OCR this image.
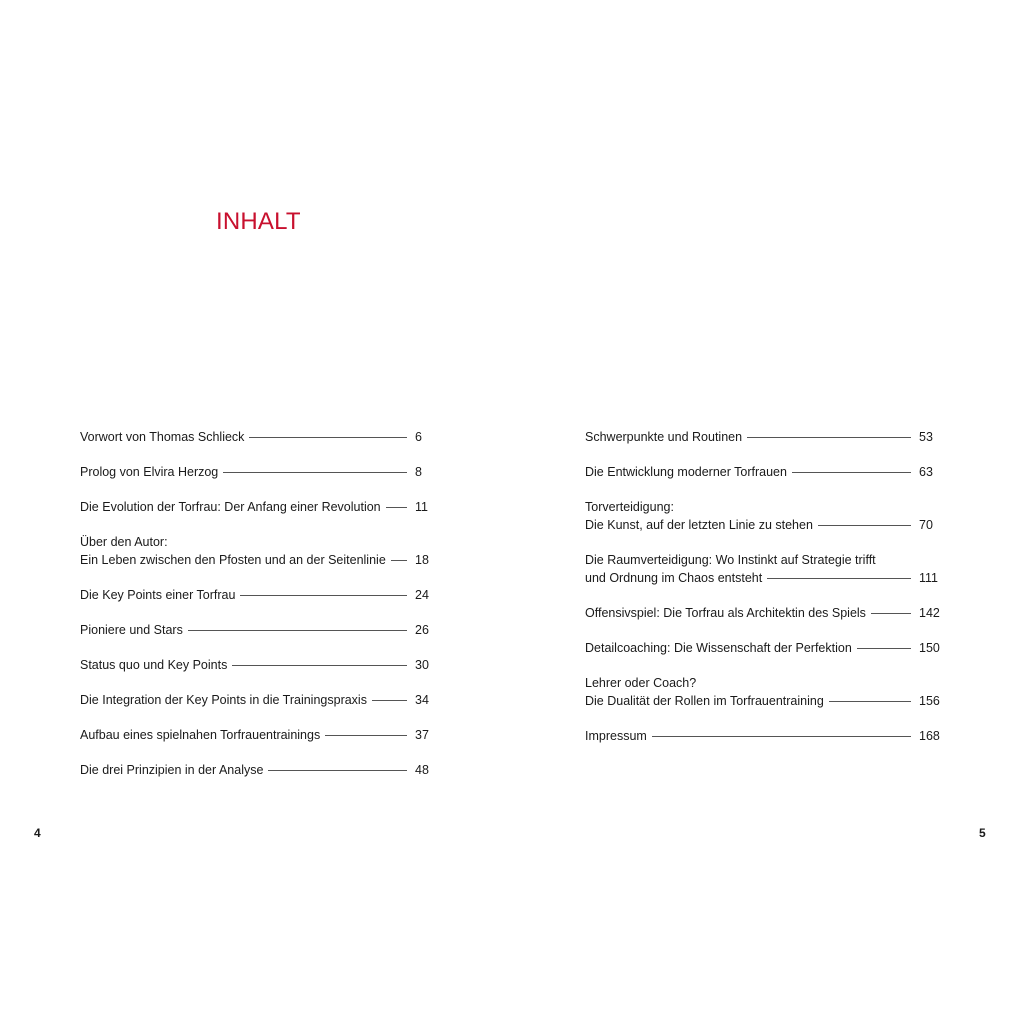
INHALT
Vorwort von Thomas Schlieck	6
Prolog von Elvira Herzog	8
Die Evolution der Torfrau: Der Anfang einer Revolution	11
Über den Autor:
Ein Leben zwischen den Pfosten und an der Seitenlinie 18
Die Key Points einer Torfrau	24
Pioniere und Stars	26
Status quo und Key Points	30
Die Integration der Key Points in die Trainingspraxis	34
Aufbau eines spielnahen Torfrauentrainings	37
Die drei Prinzipien in der Analyse	48
Schwerpunkte und Routinen	53
Die Entwicklung moderner Torfrauen	63
Torverteidigung:
Die Kunst, auf der letzten Linie zu stehen	70
Die Raumverteidigung: Wo Instinkt auf Strategie trifft
und Ordnung im Chaos entsteht	111
Offensivspiel: Die Torfrau als Architektin des Spiels	142
Detailcoaching: Die Wissenschaft der Perfektion	150
Lehrer oder Coach?
Die Dualität der Rollen im Torfrauentraining	156
Impressum	168
4	5
